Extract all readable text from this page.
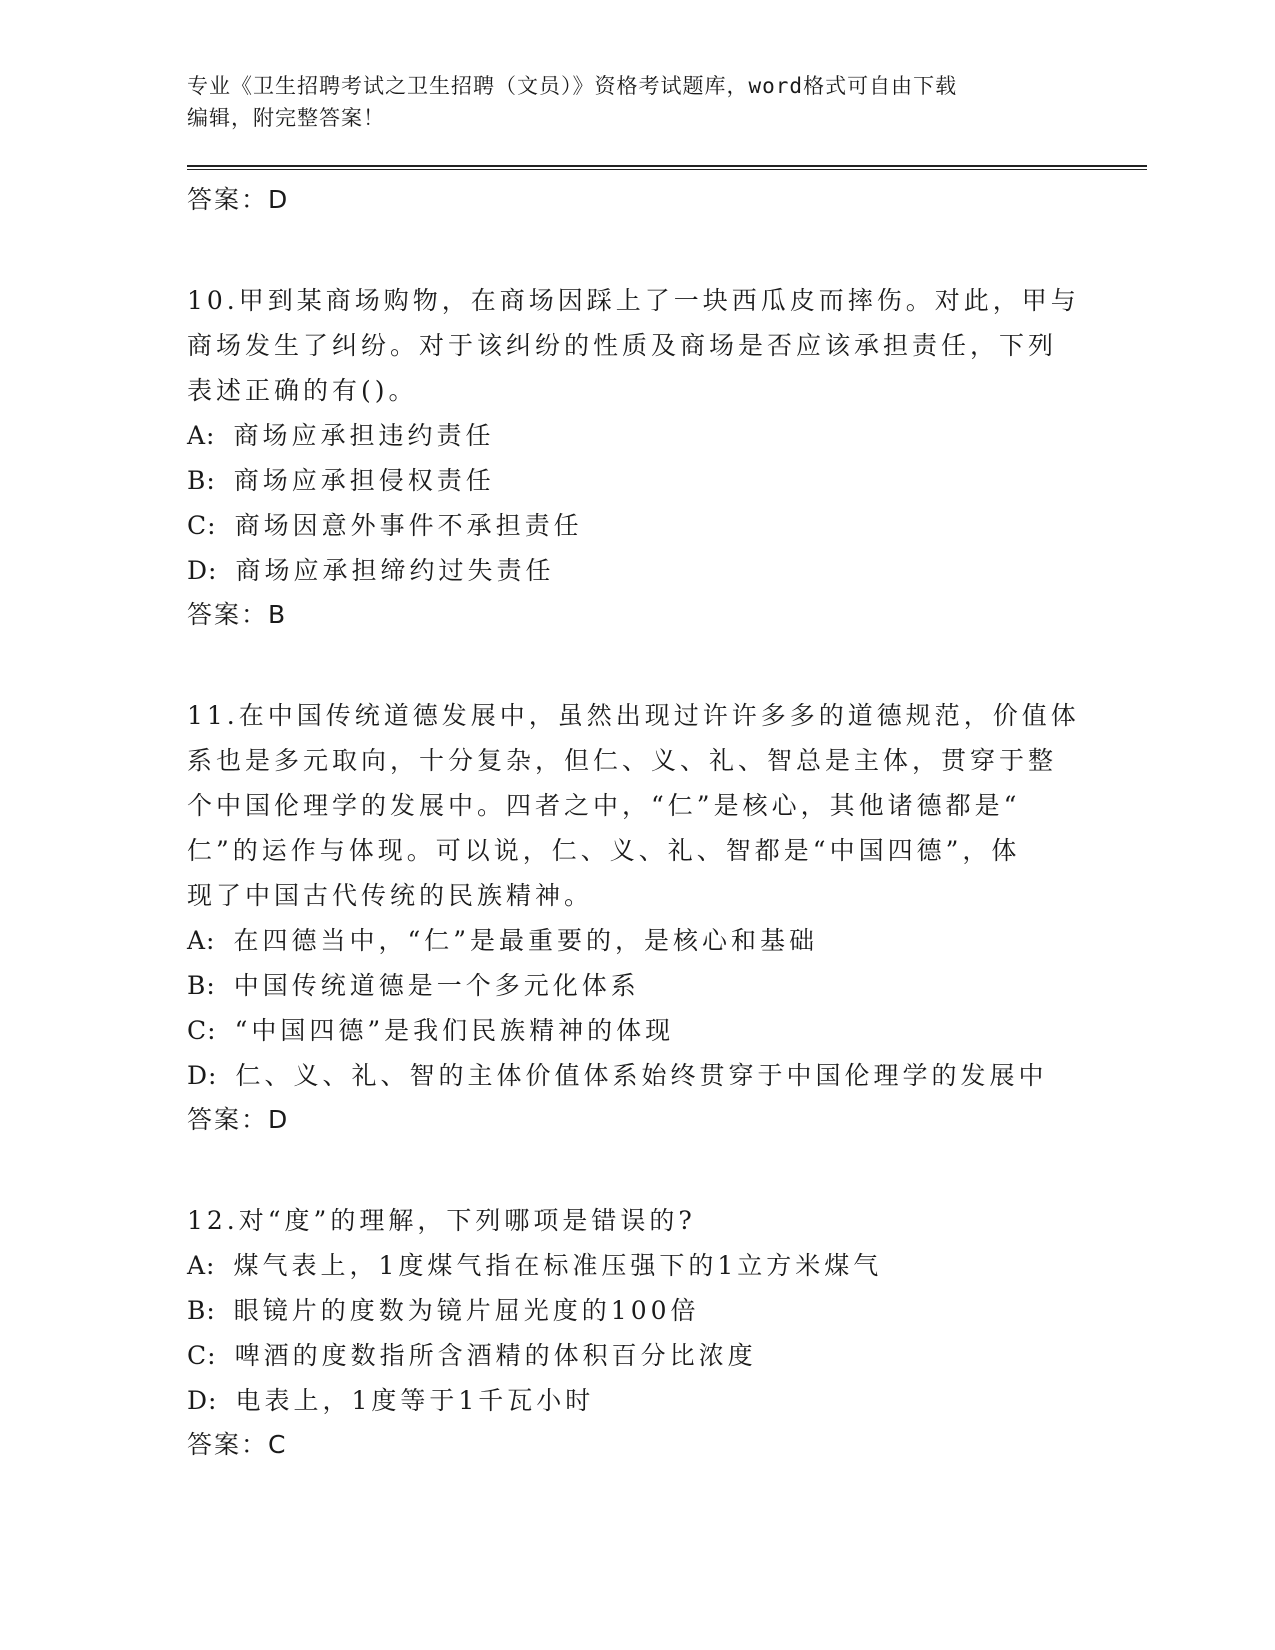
专业《卫生招聘考试之卫生招聘（文员）》资格考试题库，word格式可自由下载
编辑，附完整答案！

答案：D

10.甲到某商场购物，在商场因踩上了一块西瓜皮而摔伤。对此，甲与

商场发生了纠纷。对于该纠纷的性质及商场是否应该承担责任，下列

表述正确的有()。

A: 商场应承担违约责任

B: 商场应承担侵权责任

C: 商场因意外事件不承担责任

D: 商场应承担缔约过失责任

答案：B

11.在中国传统道德发展中，虽然出现过许许多多的道德规范，价值体

系也是多元取向，十分复杂，但仁、义、礼、智总是主体，贯穿于整

个中国伦理学的发展中。四者之中，“仁”是核心，其他诸德都是“

仁”的运作与体现。可以说，仁、义、礼、智都是“中国四德”，体

现了中国古代传统的民族精神。

A: 在四德当中，“仁”是最重要的，是核心和基础

B: 中国传统道德是一个多元化体系

C: “中国四德”是我们民族精神的体现

D: 仁、义、礼、智的主体价值体系始终贯穿于中国伦理学的发展中

答案：D

12.对“度”的理解，下列哪项是错误的?

A: 煤气表上，1度煤气指在标准压强下的1立方米煤气

B: 眼镜片的度数为镜片屈光度的100倍

C: 啤酒的度数指所含酒精的体积百分比浓度

D: 电表上，1度等于1千瓦小时

答案：C
